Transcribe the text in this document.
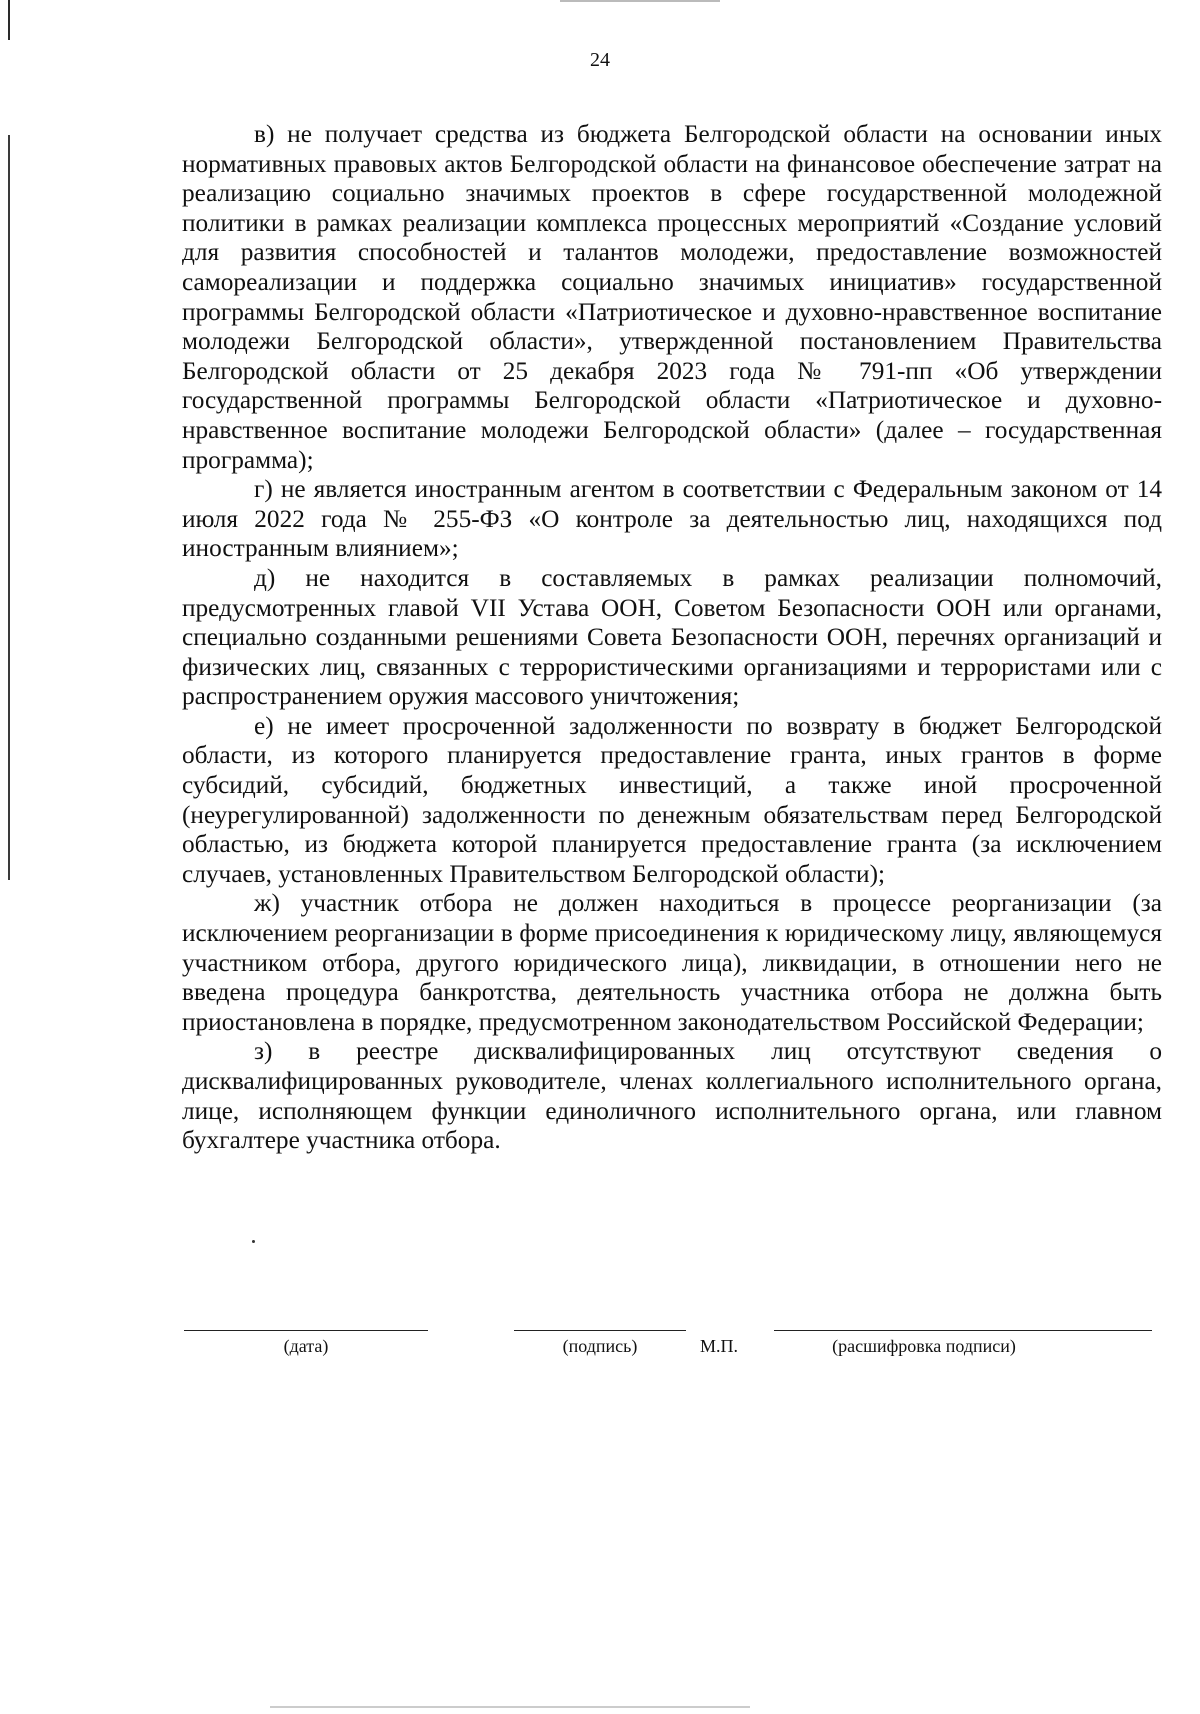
24

в) не получает средства из бюджета Белгородской области на основании иных нормативных правовых актов Белгородской области на финансовое обеспечение затрат на реализацию социально значимых проектов в сфере государственной молодежной политики в рамках реализации комплекса процессных мероприятий «Создание условий для развития способностей и талантов молодежи, предоставление возможностей самореализации и поддержка социально значимых инициатив» государственной программы Белгородской области «Патриотическое и духовно-нравственное воспитание молодежи Белгородской области», утвержденной постановлением Правительства Белгородской области от 25 декабря 2023 года № 791-пп «Об утверждении государственной программы Белгородской области «Патриотическое и духовно-нравственное воспитание молодежи Белгородской области» (далее – государственная программа);

г) не является иностранным агентом в соответствии с Федеральным законом от 14 июля 2022 года № 255-ФЗ «О контроле за деятельностью лиц, находящихся под иностранным влиянием»;

д) не находится в составляемых в рамках реализации полномочий, предусмотренных главой VII Устава ООН, Советом Безопасности ООН или органами, специально созданными решениями Совета Безопасности ООН, перечнях организаций и физических лиц, связанных с террористическими организациями и террористами или с распространением оружия массового уничтожения;

е) не имеет просроченной задолженности по возврату в бюджет Белгородской области, из которого планируется предоставление гранта, иных грантов в форме субсидий, субсидий, бюджетных инвестиций, а также иной просроченной (неурегулированной) задолженности по денежным обязательствам перед Белгородской областью, из бюджета которой планируется предоставление гранта (за исключением случаев, установленных Правительством Белгородской области);

ж) участник отбора не должен находиться в процессе реорганизации (за исключением реорганизации в форме присоединения к юридическому лицу, являющемуся участником отбора, другого юридического лица), ликвидации, в отношении него не введена процедура банкротства, деятельность участника отбора не должна быть приостановлена в порядке, предусмотренном законодательством Российской Федерации;

з) в реестре дисквалифицированных лиц отсутствуют сведения о дисквалифицированных руководителе, членах коллегиального исполнительного органа, лице, исполняющем функции единоличного исполнительного органа, или главном бухгалтере участника отбора.

(дата)	(подпись)	М.П.	(расшифровка подписи)
